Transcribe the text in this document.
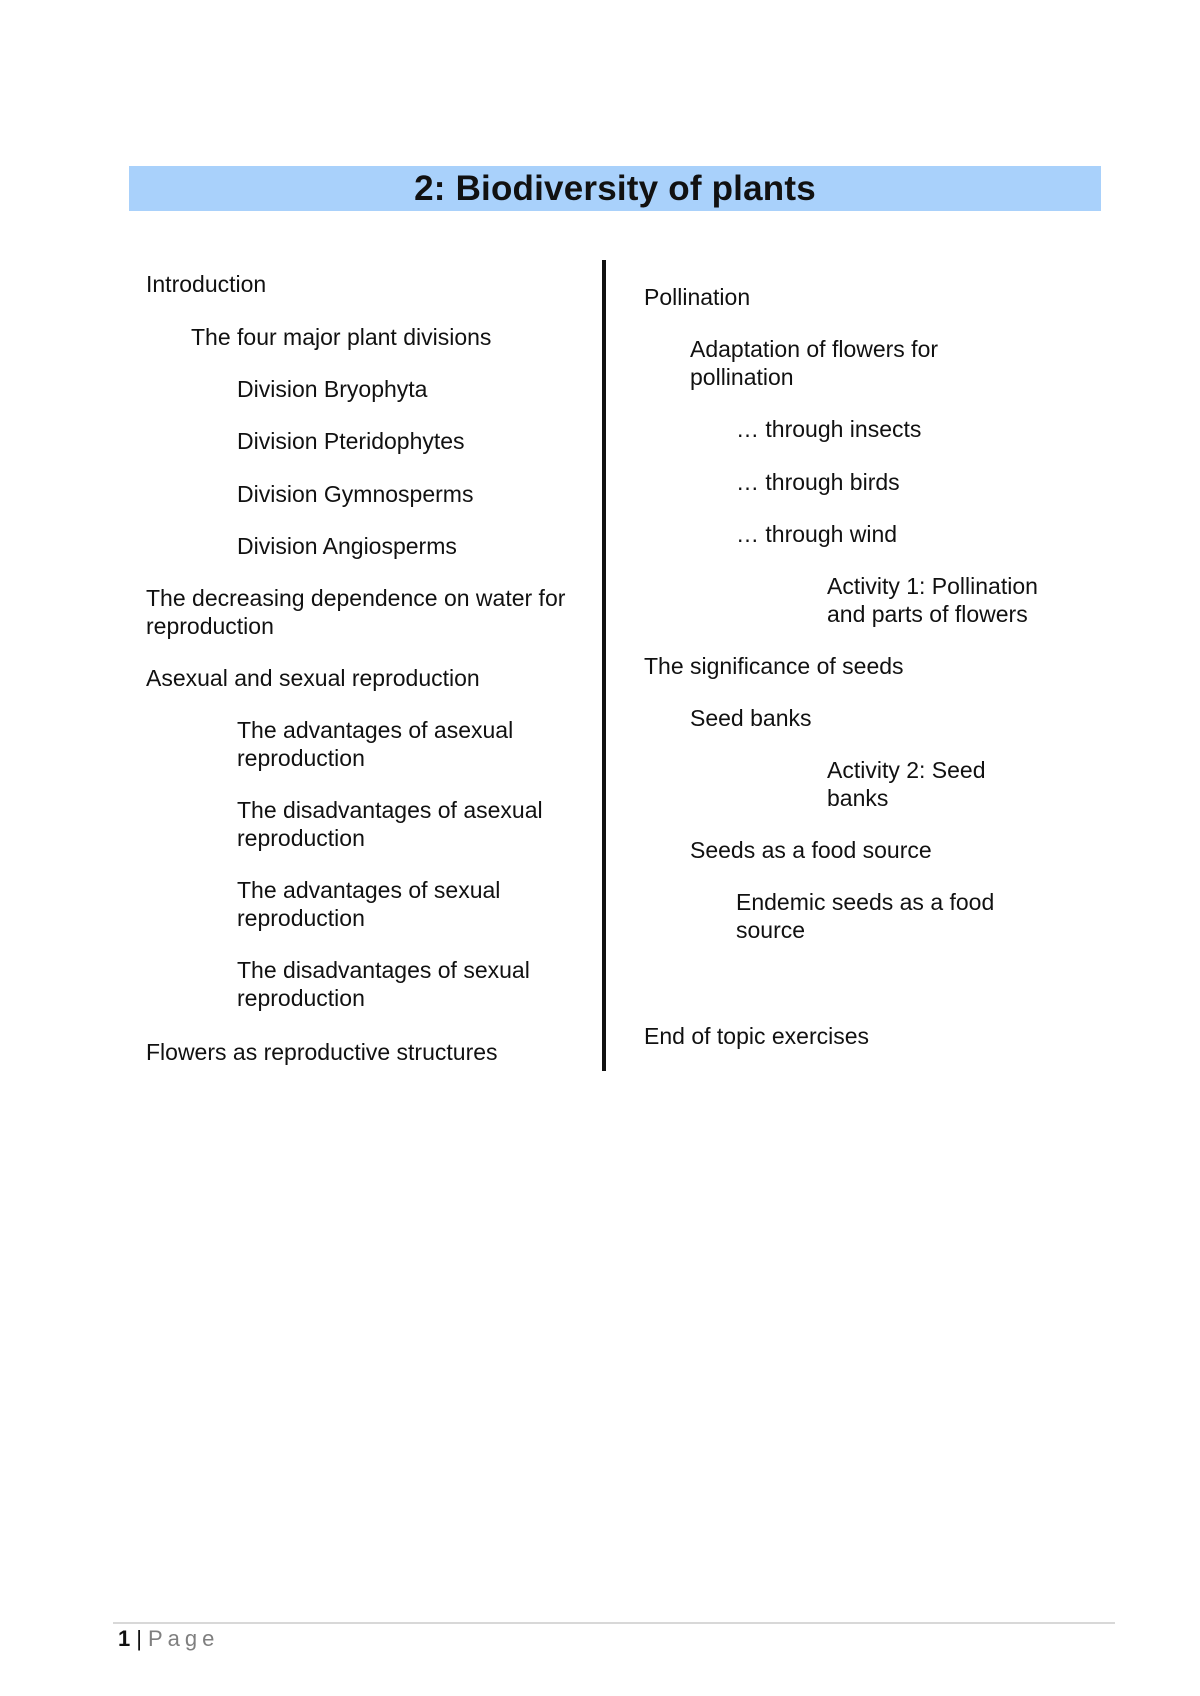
2: Biodiversity of plants
Introduction
The four major plant divisions
Division Bryophyta
Division Pteridophytes
Division Gymnosperms
Division Angiosperms
The decreasing dependence on water for reproduction
Asexual and sexual reproduction
The advantages of asexual reproduction
The disadvantages of asexual reproduction
The advantages of sexual reproduction
The disadvantages of sexual reproduction
Flowers as reproductive structures
Pollination
Adaptation of flowers for pollination
… through insects
… through birds
… through wind
Activity 1: Pollination and parts of flowers
The significance of seeds
Seed banks
Activity 2: Seed banks
Seeds as a food source
Endemic seeds as a food source
End of topic exercises
1 | Page
